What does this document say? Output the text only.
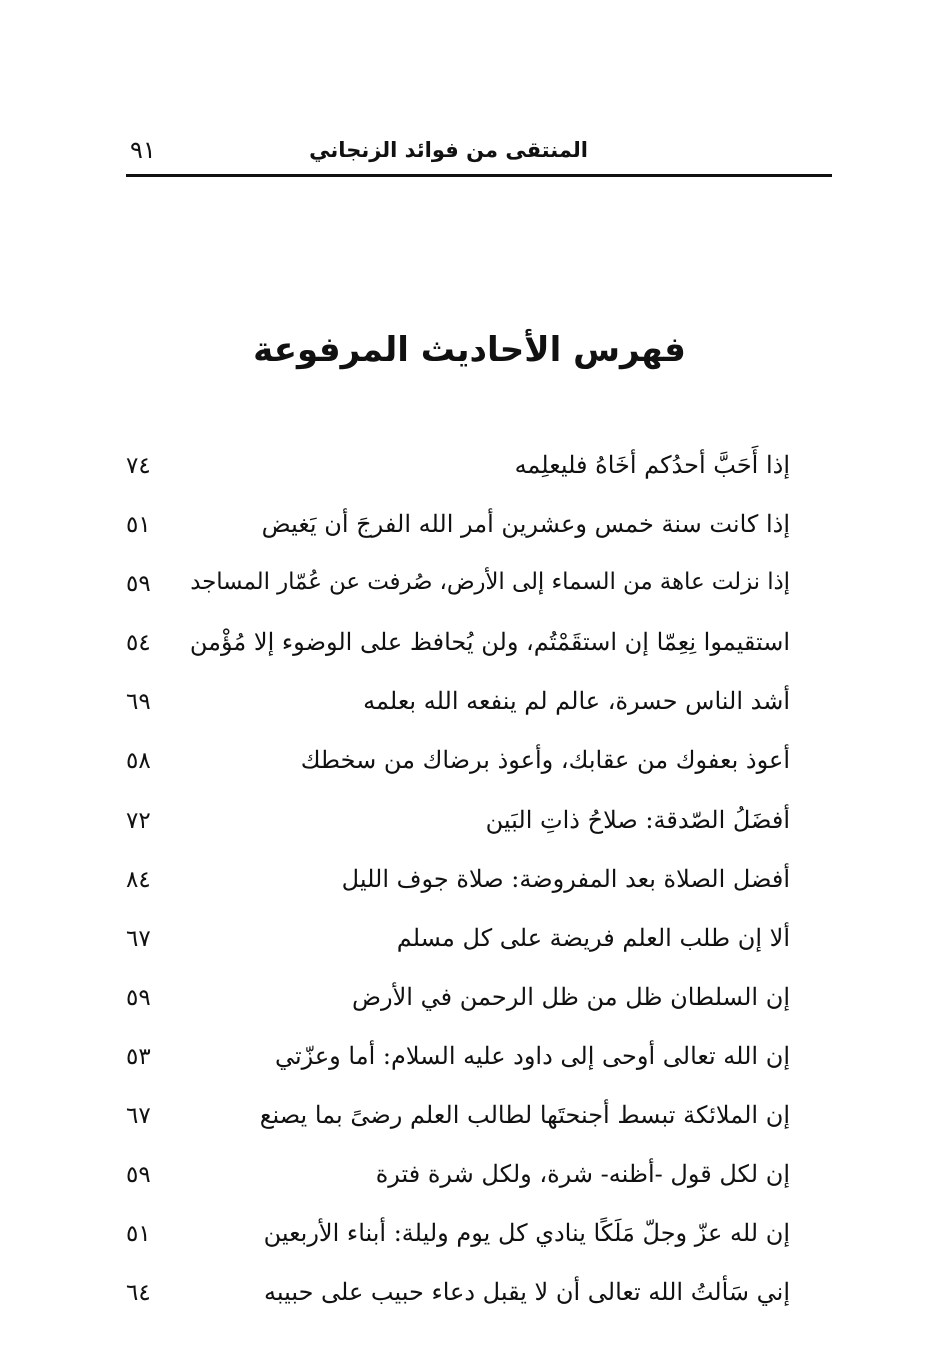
المنتقى من فوائد الزنجاني
٩١
فهرس الأحاديث المرفوعة
إذا أَحَبَّ أحدُكم أخَاهُ فليعلِمه
٧٤
إذا كانت سنة خمس وعشرين أمر الله الفرجَ أن يَغيض
٥١
إذا نزلت عاهة من السماء إلى الأرض، صُرفت عن عُمّار المساجد
٥٩
استقيموا نِعِمّا إن استقَمْتُم، ولن يُحافظ على الوضوء إلا مُؤْمن
٥٤
أشد الناس حسرة، عالم لم ينفعه الله بعلمه
٦٩
أعوذ بعفوك من عقابك، وأعوذ برضاك من سخطك
٥٨
أفضَلُ الصّدقة: صلاحُ ذاتِ البَين
٧٢
أفضل الصلاة بعد المفروضة: صلاة جوف الليل
٨٤
ألا إن طلب العلم فريضة على كل مسلم
٦٧
إن السلطان ظل من ظل الرحمن في الأرض
٥٩
إن الله تعالى أوحى إلى داود عليه السلام: أما وعزّتي
٥٣
إن الملائكة تبسط أجنحتَها لطالب العلم رضىً بما يصنع
٦٧
إن لكل قول -أظنه- شرة، ولكل شرة فترة
٥٩
إن لله عزّ وجلّ مَلَكًا ينادي كل يوم وليلة: أبناء الأربعين
٥١
إني سَألتُ الله تعالى أن لا يقبل دعاء حبيب على حبيبه
٦٤
